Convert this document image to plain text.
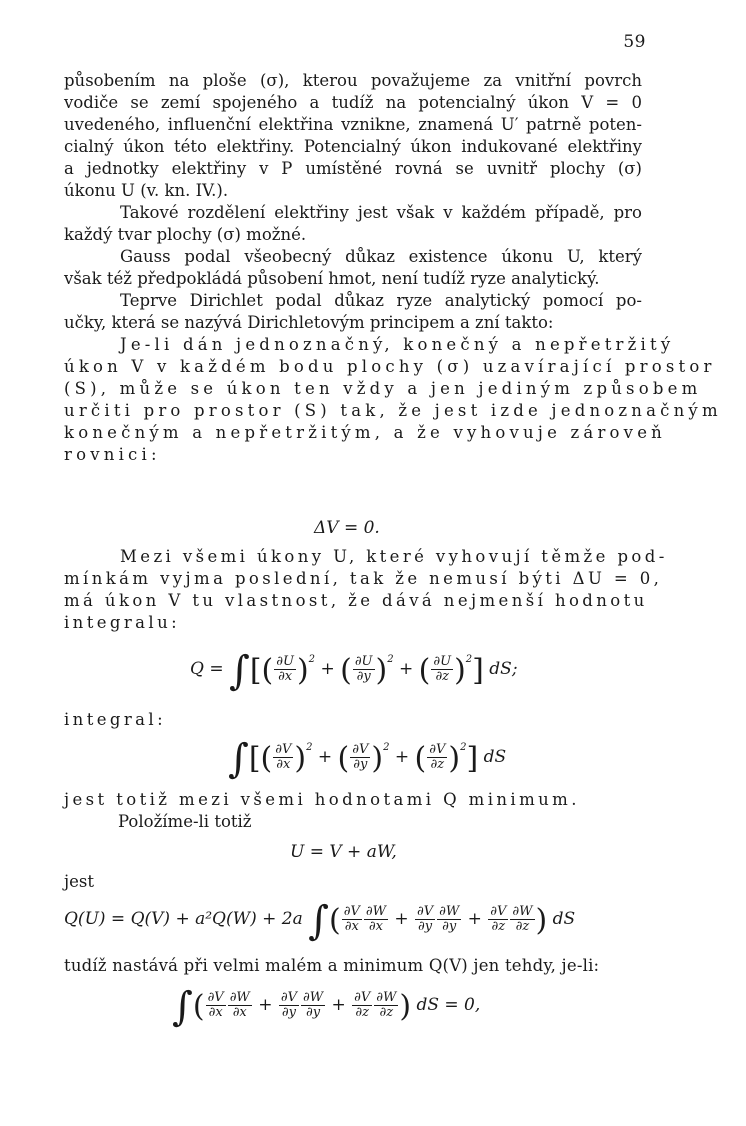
59
působením na ploše (σ), kterou považujeme za vnitřní povrch
vodiče se zemí spojeného a tudíž na potencialný úkon V = 0
uvedeného, influenční elektřina vznikne, znamená U′ patrně poten-
cialný úkon této elektřiny. Potencialný úkon indukované elektřiny
a jednotky elektřiny v P umístěné rovná se uvnitř plochy (σ)
úkonu U (v. kn. IV.).
Takové rozdělení elektřiny jest však v každém případě, pro
každý tvar plochy (σ) možné.
Gauss podal všeobecný důkaz existence úkonu U, který
však též předpokládá působení hmot, není tudíž ryze analytický.
Teprve Dirichlet podal důkaz ryze analytický pomocí po-
učky, která se nazývá Dirichletovým principem a zní takto:
Je-li dán jednoznačný, konečný a nepřetržitý
úkon V v každém bodu plochy (σ) uzavírající prostor
(S), může se úkon ten vždy a jen jediným způsobem
určiti pro prostor (S) tak, že jest izde jednoznačným
konečným a nepřetržitým, a že vyhovuje zároveň
rovnici:
ΔV = 0.
Mezi všemi úkony U, které vyhovují těmže pod-
mínkám vyjma poslední, tak že nemusí býti ΔU = 0,
má úkon V tu vlastnost, že dává nejmenší hodnotu
integralu:
Q = ∫[( $\frac{\partial U}{\partial x} )^2$ + ( $\frac{\partial U}{\partial y} )^2$ + ( $\frac{\partial U}{\partial z} )^2$] dS;
integral:
∫[( $\frac{\partial V}{\partial x} )^2$ + ( $\frac{\partial V}{\partial y} )^2$ + ( $\frac{\partial V}{\partial z} )^2$] dS
jest totiž mezi všemi hodnotami Q minimum.
Položíme-li totiž
U = V + aW,
jest
Q(U) = Q(V) + a²Q(W) + 2a ∫( $\frac{\partial V}{\partial x} \frac{\partial W}{\partial x} + \frac{\partial V}{\partial y} \frac{\partial W}{\partial y} + \frac{\partial V}{\partial z} \frac{\partial W}{\partial z}$ ) dS
tudíž nastává při velmi malém a minimum Q(V) jen tehdy, je-li:
∫( $\frac{\partial V}{\partial x} \frac{\partial W}{\partial x} + \frac{\partial V}{\partial y} \frac{\partial W}{\partial y} + \frac{\partial V}{\partial z} \frac{\partial W}{\partial z}$ ) dS = 0,
